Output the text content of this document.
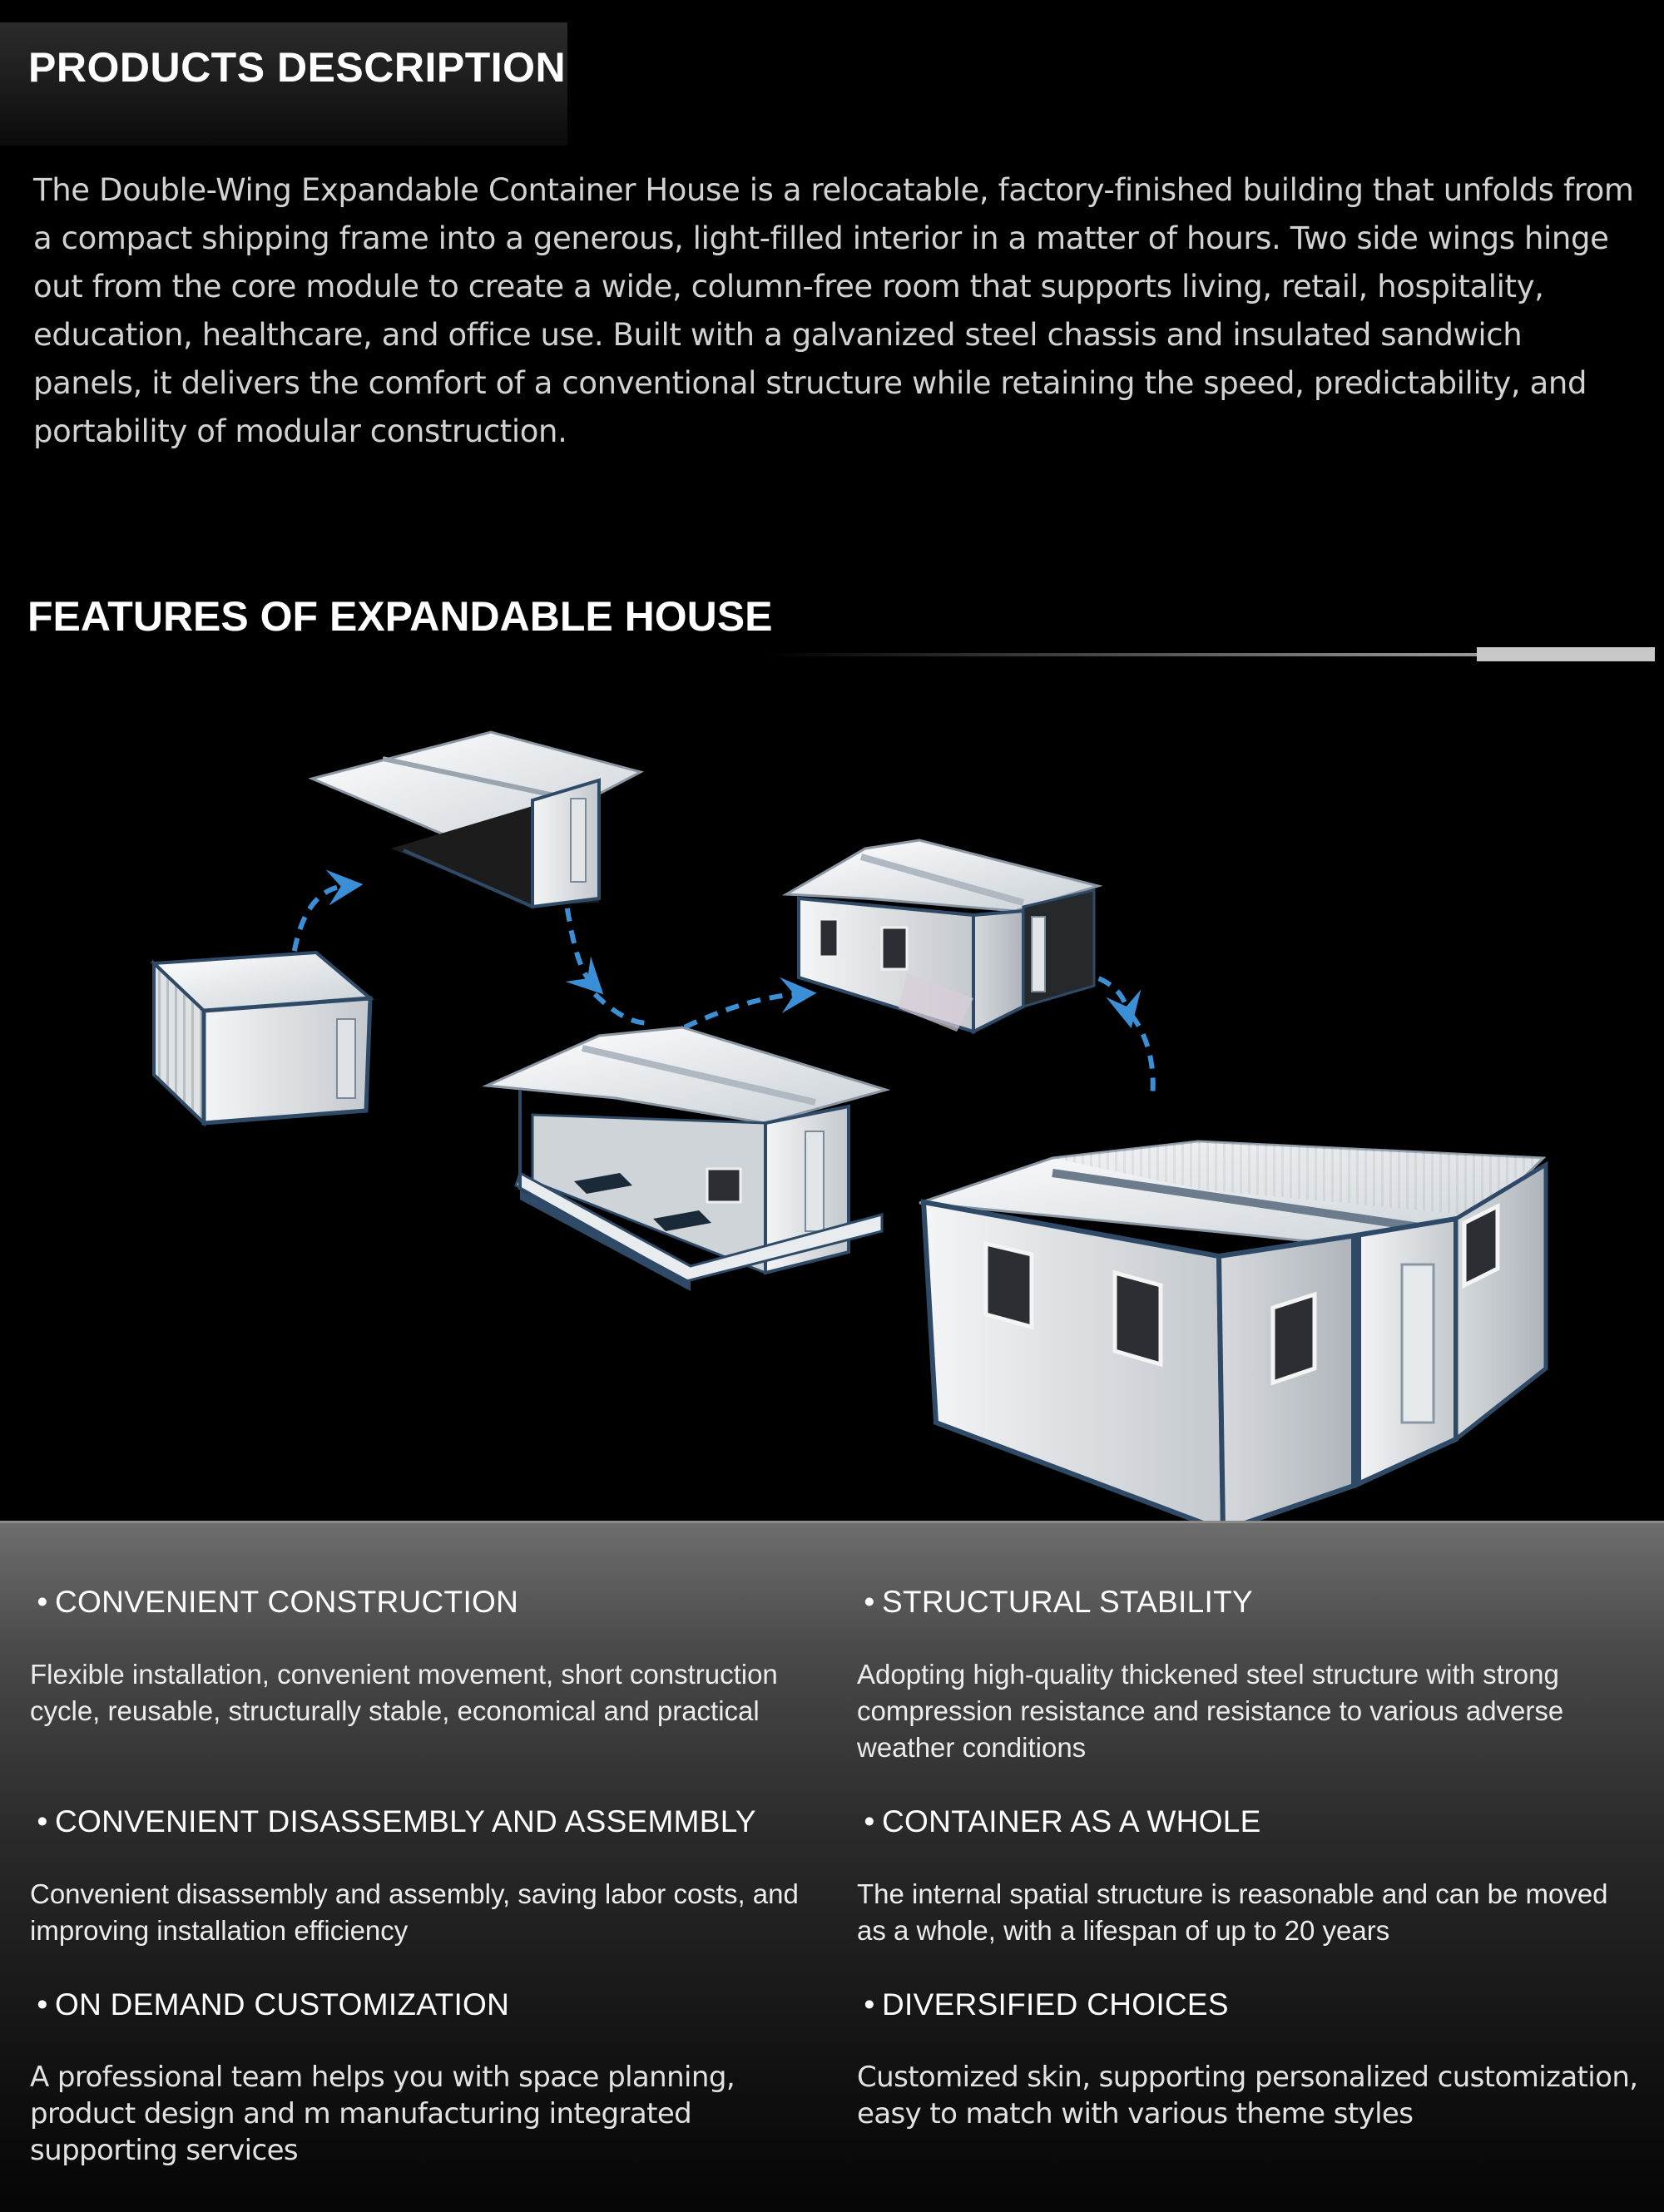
PRODUCTS DESCRIPTION

The Double-Wing Expandable Container House is a relocatable, factory-finished building that unfolds from a compact shipping frame into a generous, light-filled interior in a matter of hours. Two side wings hinge out from the core module to create a wide, column-free room that supports living, retail, hospitality, education, healthcare, and office use. Built with a galvanized steel chassis and insulated sandwich panels, it delivers the comfort of a conventional structure while retaining the speed, predictability, and portability of modular construction.

FEATURES OF EXPANDABLE HOUSE
• CONVENIENT CONSTRUCTION

Flexible installation, convenient movement, short construction cycle, reusable, structurally stable, economical and practical

• STRUCTURAL STABILITY

Adopting high-quality thickened steel structure with strong compression resistance and resistance to various adverse weather conditions

• CONVENIENT DISASSEMBLY AND ASSEMMBLY

Convenient disassembly and assembly, saving labor costs, and improving installation efficiency

• CONTAINER AS A WHOLE

The internal spatial structure is reasonable and can be moved as a whole, with a lifespan of up to 20 years

• ON DEMAND CUSTOMIZATION

A professional team helps you with space planning, product design and m manufacturing integrated supporting services

• DIVERSIFIED CHOICES

Customized skin, supporting personalized customization, easy to match with various theme styles
